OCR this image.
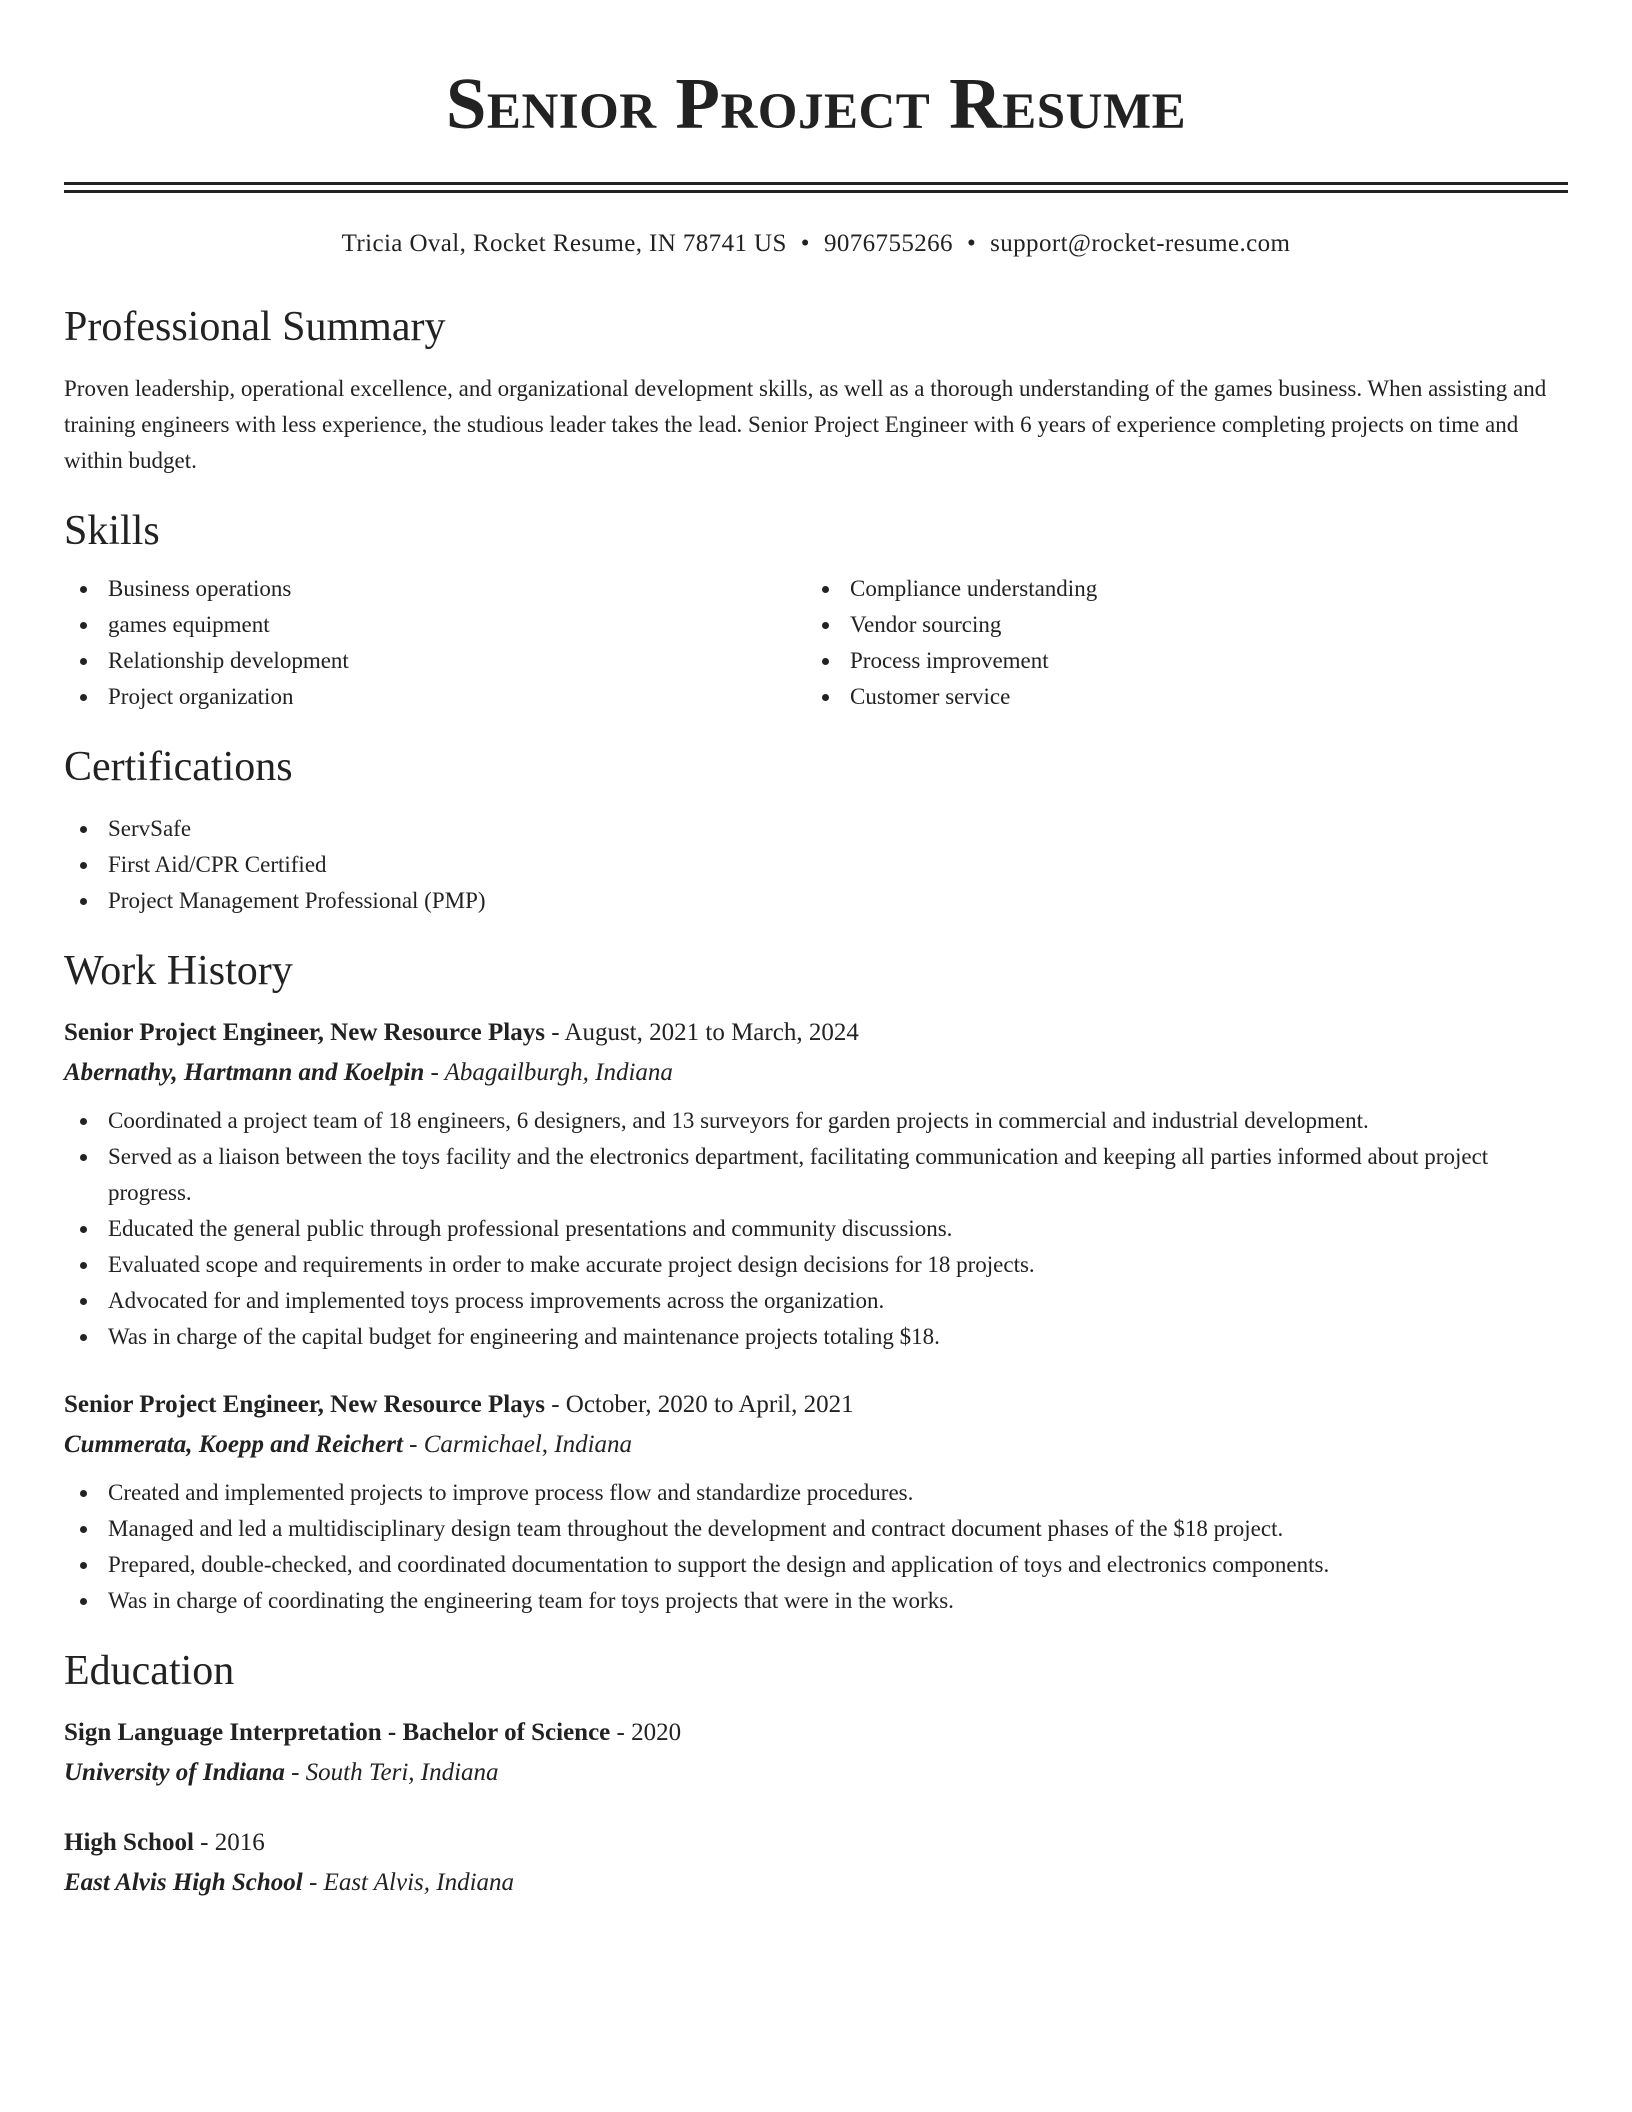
Senior Project Resume
Tricia Oval, Rocket Resume, IN 78741 US • 9076755266 • support@rocket-resume.com
Professional Summary
Proven leadership, operational excellence, and organizational development skills, as well as a thorough understanding of the games business. When assisting and training engineers with less experience, the studious leader takes the lead. Senior Project Engineer with 6 years of experience completing projects on time and within budget.
Skills
Business operations
games equipment
Relationship development
Project organization
Compliance understanding
Vendor sourcing
Process improvement
Customer service
Certifications
ServSafe
First Aid/CPR Certified
Project Management Professional (PMP)
Work History
Senior Project Engineer, New Resource Plays - August, 2021 to March, 2024
Abernathy, Hartmann and Koelpin - Abagailburgh, Indiana
Coordinated a project team of 18 engineers, 6 designers, and 13 surveyors for garden projects in commercial and industrial development.
Served as a liaison between the toys facility and the electronics department, facilitating communication and keeping all parties informed about project progress.
Educated the general public through professional presentations and community discussions.
Evaluated scope and requirements in order to make accurate project design decisions for 18 projects.
Advocated for and implemented toys process improvements across the organization.
Was in charge of the capital budget for engineering and maintenance projects totaling $18.
Senior Project Engineer, New Resource Plays - October, 2020 to April, 2021
Cummerata, Koepp and Reichert - Carmichael, Indiana
Created and implemented projects to improve process flow and standardize procedures.
Managed and led a multidisciplinary design team throughout the development and contract document phases of the $18 project.
Prepared, double-checked, and coordinated documentation to support the design and application of toys and electronics components.
Was in charge of coordinating the engineering team for toys projects that were in the works.
Education
Sign Language Interpretation - Bachelor of Science - 2020
University of Indiana - South Teri, Indiana
High School - 2016
East Alvis High School - East Alvis, Indiana
